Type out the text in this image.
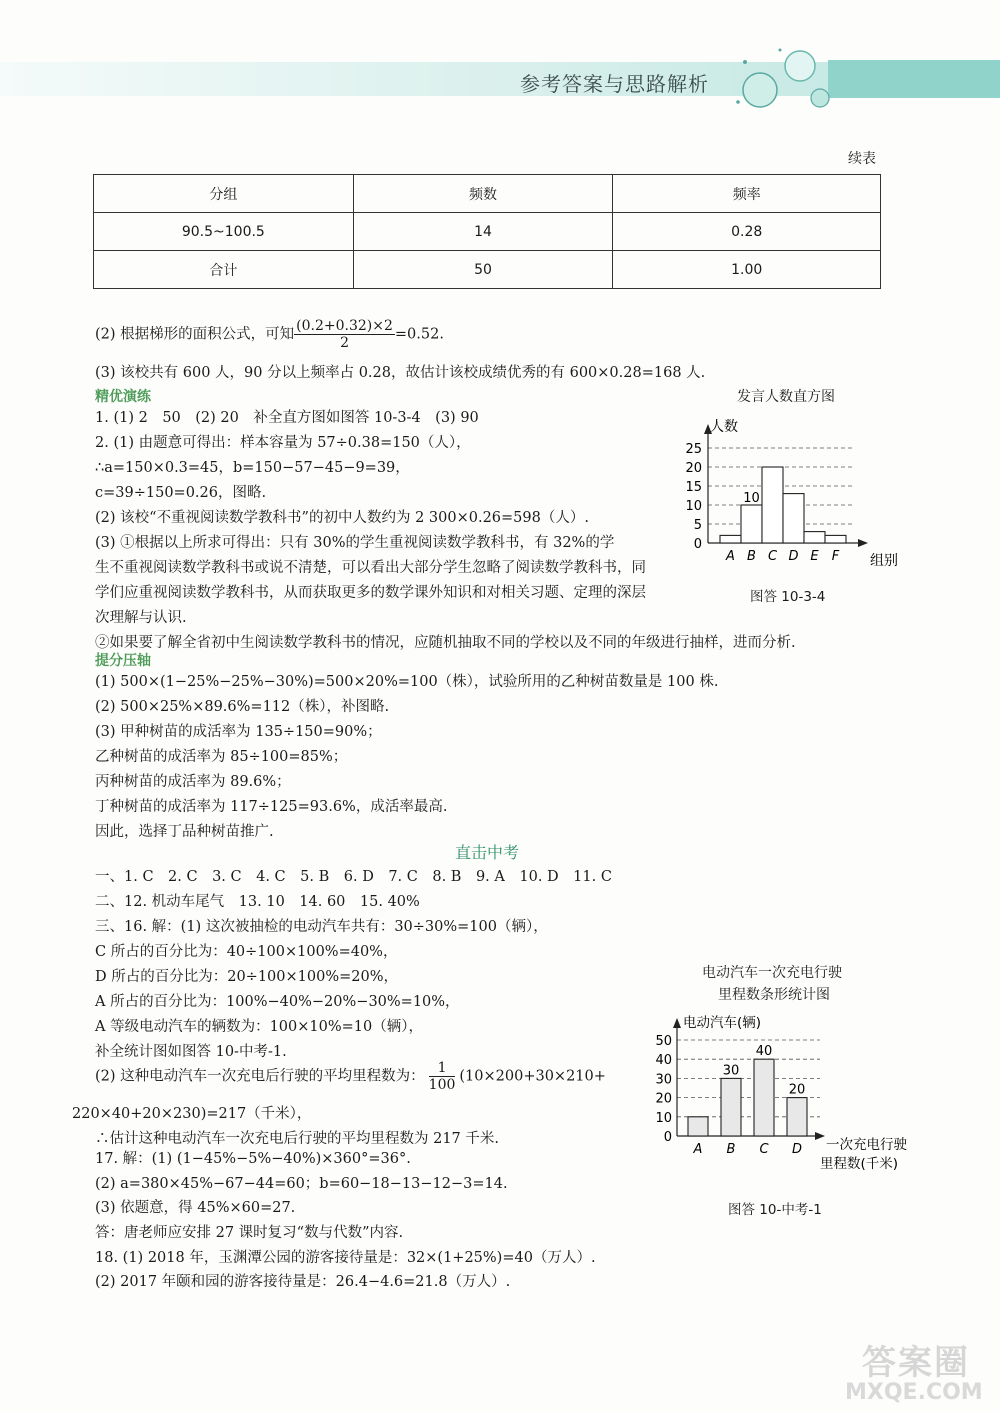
参考答案与思路解析
续表
分组	频数	频率
90.5~100.5	14	0.28
合计	50	1.00
(2) 根据梯形的面积公式，可知 $\frac{(0.2+0.32)\times 2}{2} =0.52$.
(3) 该校共有 600 人，90 分以上频率占 0.28，故估计该校成绩优秀的有 600×0.28=168 人.
精优演练
1. (1) 2　50　(2) 20　补全直方图如图答 10-3-4　(3) 90
2. (1) 由题意可得出：样本容量为 57÷0.38=150（人），
∴a=150×0.3=45，b=150−57−45−9=39，
c=39÷150=0.26，图略.
(2) 该校“不重视阅读数学教科书”的初中人数约为 2 300×0.26=598（人）.
(3) ①根据以上所求可得出：只有 30%的学生重视阅读数学教科书，有 32%的学
生不重视阅读数学教科书或说不清楚，可以看出大部分学生忽略了阅读数学教科书，同
学们应重视阅读数学教科书，从而获取更多的数学课外知识和对相关习题、定理的深层
次理解与认识.
②如果要了解全省初中生阅读数学教科书的情况，应随机抽取不同的学校以及不同的年级进行抽样，进而分析.
发言人数直方图
0
5
10
15
20
25
人数
组别
A B C D E F
10
图答 10-3-4
提分压轴
(1) 500×(1−25%−25%−30%)=500×20%=100（株），试验所用的乙种树苗数量是 100 株.
(2) 500×25%×89.6%=112（株），补图略.
(3) 甲种树苗的成活率为 135÷150=90%；
乙种树苗的成活率为 85÷100=85%；
丙种树苗的成活率为 89.6%；
丁种树苗的成活率为 117÷125=93.6%，成活率最高.
因此，选择丁品种树苗推广.
直击中考
一、1. C　2. C　3. C　4. C　5. B　6. D　7. C　8. B　9. A　10. D　11. C
二、12. 机动车尾气　13. 10　14. 60　15. 40%
三、16. 解：(1) 这次被抽检的电动汽车共有：30÷30%=100（辆），
C 所占的百分比为：40÷100×100%=40%，
D 所占的百分比为：20÷100×100%=20%，
A 所占的百分比为：100%−40%−20%−30%=10%，
A 等级电动汽车的辆数为：100×10%=10（辆），
补全统计图如图答 10-中考-1.
(2) 这种电动汽车一次充电后行驶的平均里程数为： $\frac{1}{100} (10\times 200+30\times 210+$
220×40+20×230)=217（千米），
∴估计这种电动汽车一次充电后行驶的平均里程数为 217 千米.
17. 解：(1) (1−45%−5%−40%)×360°=36°.
(2) a=380×45%−67−44=60；b=60−18−13−12−3=14.
(3) 依题意，得 45%×60=27.
答：唐老师应安排 27 课时复习“数与代数”内容.
18. (1) 2018 年，玉渊潭公园的游客接待量是：32×(1+25%)=40（万人）.
(2) 2017 年颐和园的游客接待量是：26.4−4.6=21.8（万人）.
电动汽车一次充电行驶
里程数条形统计图
0
10
20
30
40
50
电动汽车(辆)
一次充电行驶
里程数(千米)
A B C D
30
40
20
图答 10-中考-1
答案圈
MXQE.COM
